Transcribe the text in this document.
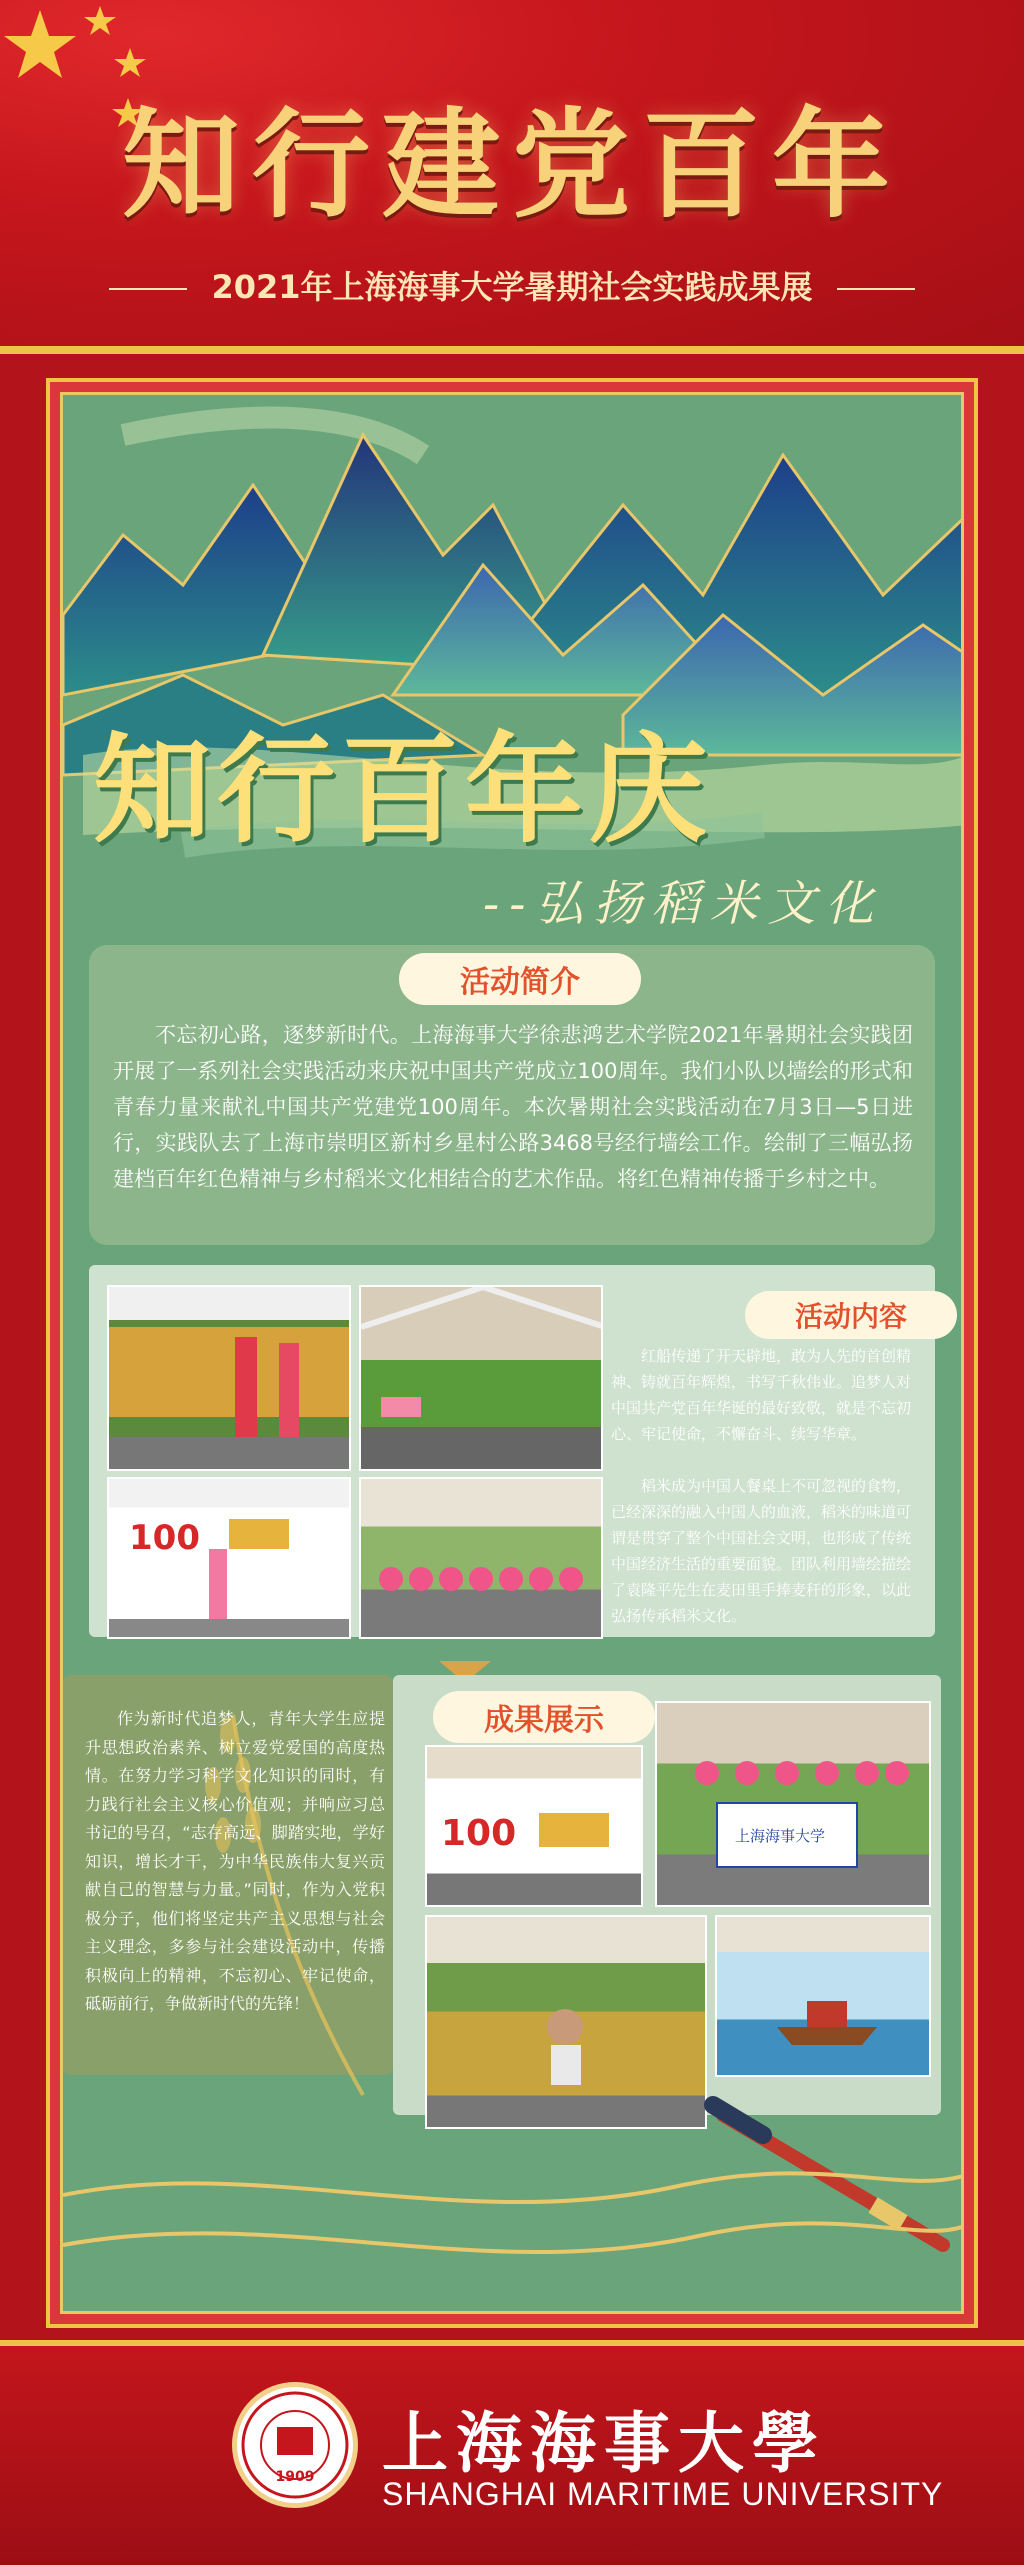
知行建党百年
2021年上海海事大学暑期社会实践成果展
知行百年庆
--弘扬稻米文化
活动简介
不忘初心路，逐梦新时代。上海海事大学徐悲鸿艺术学院2021年暑期社会实践团开展了一系列社会实践活动来庆祝中国共产党成立100周年。我们小队以墙绘的形式和青春力量来献礼中国共产党建党100周年。本次暑期社会实践活动在7月3日—5日进行，实践队去了上海市崇明区新村乡星村公路3468号经行墙绘工作。绘制了三幅弘扬建档百年红色精神与乡村稻米文化相结合的艺术作品。将红色精神传播于乡村之中。
100
活动内容
红船传递了开天辟地，敢为人先的首创精神、铸就百年辉煌，书写千秋伟业。追梦人对中国共产党百年华诞的最好致敬，就是不忘初心、牢记使命，不懈奋斗、续写华章。
稻米成为中国人餐桌上不可忽视的食物，已经深深的融入中国人的血液，稻米的味道可谓是贯穿了整个中国社会文明，也形成了传统中国经济生活的重要面貌。团队利用墙绘描绘了袁隆平先生在麦田里手捧麦秆的形象，以此弘扬传承稻米文化。
作为新时代追梦人，青年大学生应提升思想政治素养、树立爱党爱国的高度热情。在努力学习科学文化知识的同时，有力践行社会主义核心价值观；并响应习总书记的号召，“志存高远、脚踏实地，学好知识，增长才干，为中华民族伟大复兴贡献自己的智慧与力量。”同时，作为入党积极分子，他们将坚定共产主义思想与社会主义理念，多参与社会建设活动中，传播积极向上的精神，不忘初心、牢记使命，砥砺前行，争做新时代的先锋！
成果展示
100	上海海事大学
1909 上海海事大學
SHANGHAI MARITIME UNIVERSITY
